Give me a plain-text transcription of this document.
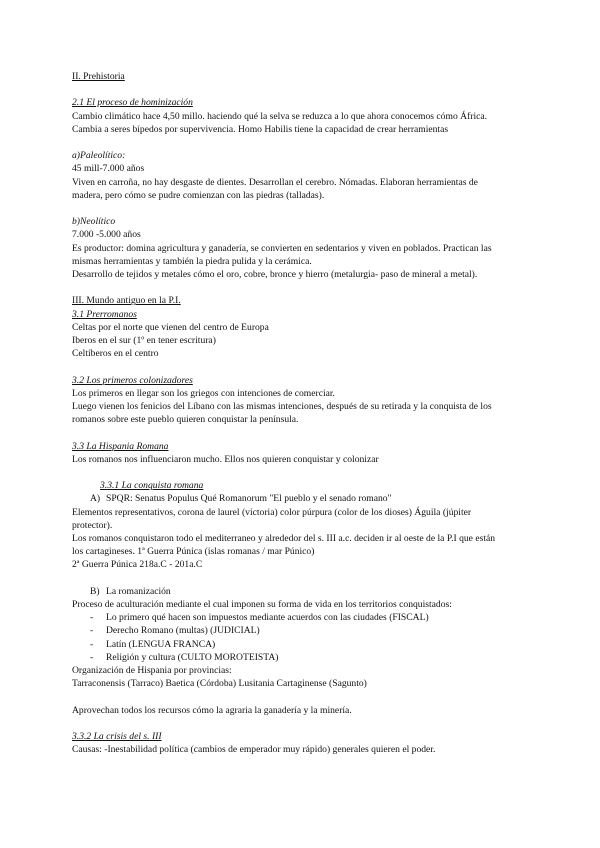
II. Prehistoria
2.1 El proceso de hominización
Cambio climático hace 4,50 millo. haciendo qué la selva se reduzca a lo que ahora conocemos cómo África.
Cambia a seres bípedos por supervivencia. Homo Habilis tiene la capacidad de crear herramientas
a)Paleolítico:
45 mill-7.000 años
Viven en carroña, no hay desgaste de dientes. Desarrollan el cerebro. Nómadas. Elaboran herramientas de
madera, pero cómo se pudre comienzan con las piedras (talladas).
b)Neolítico
7.000 -5.000 años
Es productor: domina agricultura y ganadería, se convierten en sedentarios y viven en poblados. Practican las
mismas herramientas y también la piedra pulida y la cerámica.
Desarrollo de tejidos y metales cómo el oro, cobre, bronce y hierro (metalurgia- paso de mineral a metal).
III. Mundo antiguo en la P.I.
3.1 Prerromanos
Celtas por el norte que vienen del centro de Europa
Iberos en el sur (1º en tener escritura)
Celtíberos en el centro
3.2 Los primeros colonizadores
Los primeros en llegar son los griegos con intenciones de comerciar.
Luego vienen los fenicios del Líbano con las mismas intenciones, después de su retirada y la conquista de los
romanos sobre este pueblo quieren conquistar la península.
3.3 La Hispania Romana
Los romanos nos influenciaron mucho. Ellos nos quieren conquistar y colonizar
3.3.1 La conquista romana
A) SPQR: Senatus Populus Qué Romanorum "El pueblo y el senado romano"
Elementos representativos, corona de laurel (victoria) color púrpura (color de los dioses) Águila (júpiter
protector).
Los romanos conquistaron todo el mediterraneo y alrededor del s. III a.c. deciden ir al oeste de la P.I que están
los cartagineses. 1ª Guerra Púnica (islas romanas / mar Púnico)
2ª Guerra Púnica 218a.C - 201a.C
B) La romanización
Proceso de aculturación mediante el cual imponen su forma de vida en los territorios conquistados:
-	Lo primero qué hacen son impuestos mediante acuerdos con las ciudades (FISCAL)
-	Derecho Romano (multas) (JUDICIAL)
-	Latín (LENGUA FRANCA)
-	Religión y cultura (CULTO MOROTEISTA)
Organización de Hispania por provincias:
Tarraconensis (Tarraco) Baetica (Córdoba) Lusitania Cartaginense (Sagunto)
Aprovechan todos los recursos cómo la agraria la ganadería y la minería.
3.3.2 La crisis del s. III
Causas: -Inestabilidad política (cambios de emperador muy rápido) generales quieren el poder.
